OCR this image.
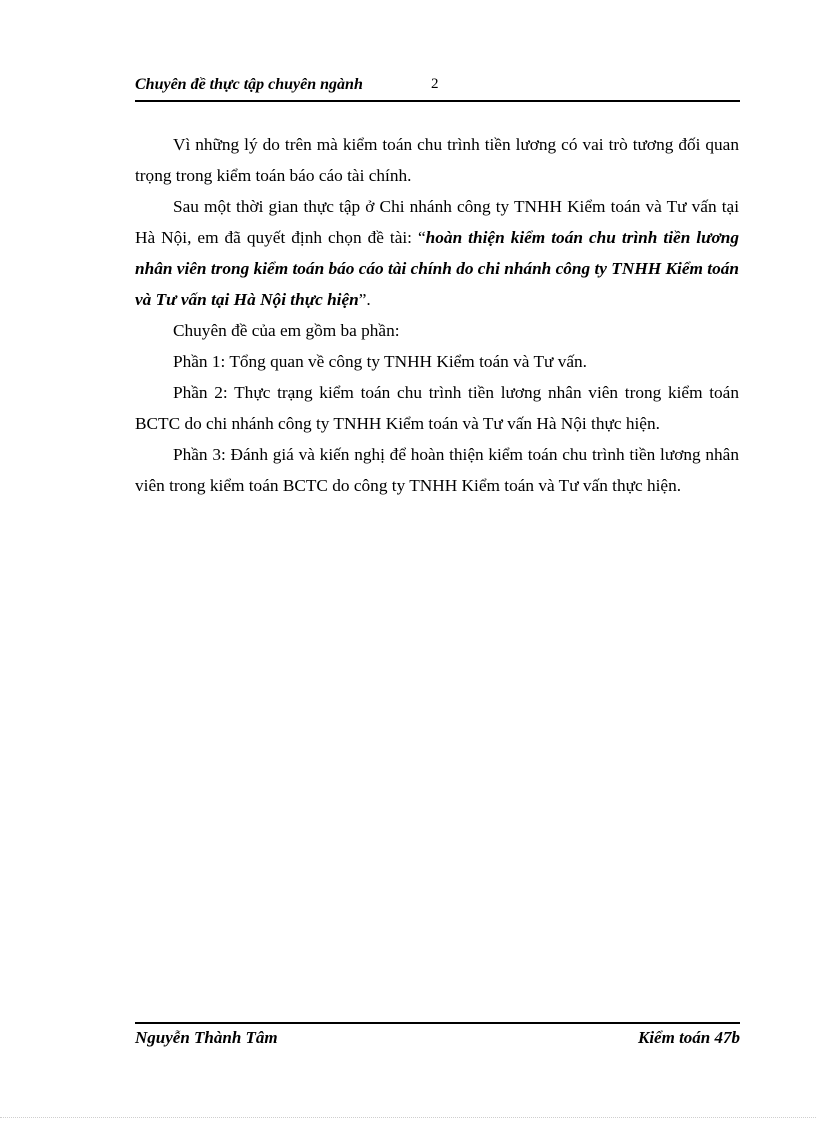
Chuyên đề thực tập chuyên ngành	2

Vì những lý do trên mà kiểm toán chu trình tiền lương có vai trò tương đối quan trọng trong kiểm toán báo cáo tài chính.

Sau một thời gian thực tập ở Chi nhánh công ty TNHH Kiểm toán và Tư vấn tại Hà Nội, em đã quyết định chọn đề tài: “hoàn thiện kiểm toán chu trình tiền lương nhân viên trong kiểm toán báo cáo tài chính do chi nhánh công ty TNHH Kiểm toán và Tư vấn tại Hà Nội thực hiện”.

Chuyên đề của em gồm ba phần:

Phần 1: Tổng quan về công ty TNHH Kiểm toán và Tư vấn.

Phần 2: Thực trạng kiểm toán chu trình tiền lương nhân viên trong kiểm toán BCTC do chi nhánh công ty TNHH Kiểm toán và Tư vấn Hà Nội thực hiện.

Phần 3: Đánh giá và kiến nghị để hoàn thiện kiểm toán chu trình tiền lương nhân viên trong kiểm toán BCTC do công ty TNHH Kiểm toán và Tư vấn thực hiện.

Nguyễn Thành Tâm	Kiểm toán 47b
